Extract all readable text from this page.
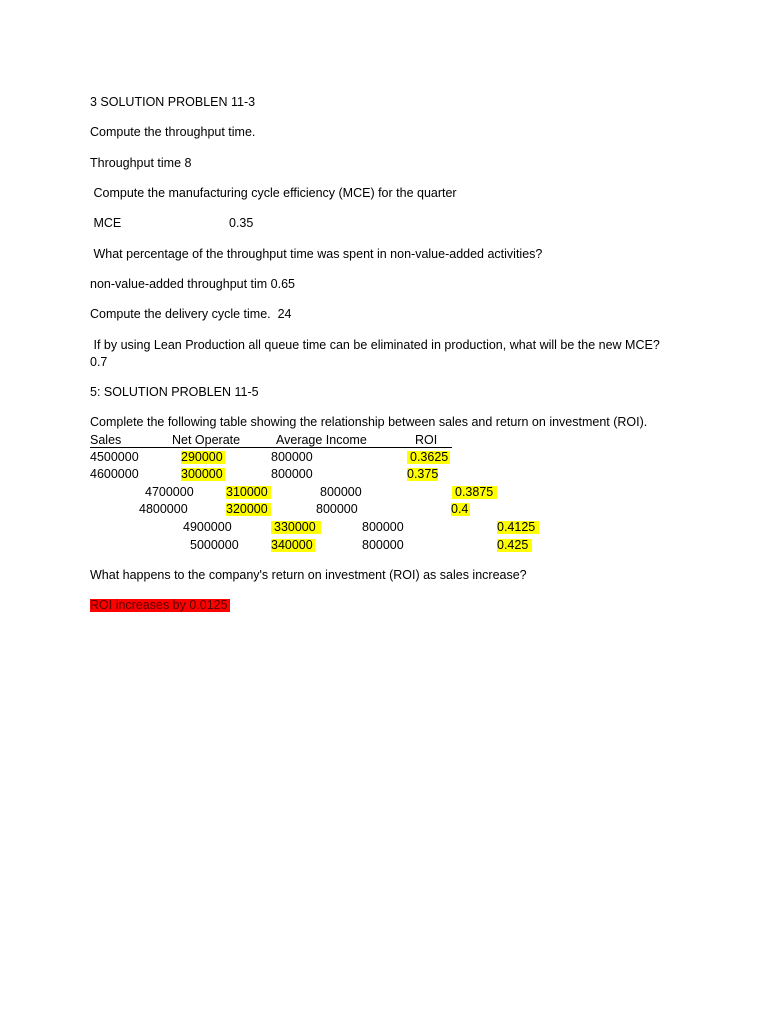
3 SOLUTION PROBLEN 11-3
Compute the throughput time.
Throughput time 8
Compute the manufacturing cycle efficiency (MCE) for the quarter
MCE	0.35
What percentage of the throughput time was spent in non-value-added activities?
non-value-added throughput tim 0.65
Compute the delivery cycle time.  24
If by using Lean Production all queue time can be eliminated in production, what will be the new MCE?
0.7
5: SOLUTION PROBLEN 11-5
Complete the following table showing the relationship between sales and return on investment (ROI).
Sales	Net Operate	Average Income	ROI
4500000	290000	800000	0.3625
4600000	300000	800000	0.375
4700000	310000	800000	0.3875
4800000	320000	800000	0.4
4900000	330000	800000	0.4125
5000000	340000	800000	0.425
What happens to the company's return on investment (ROI) as sales increase?
ROI increases by 0.0125
